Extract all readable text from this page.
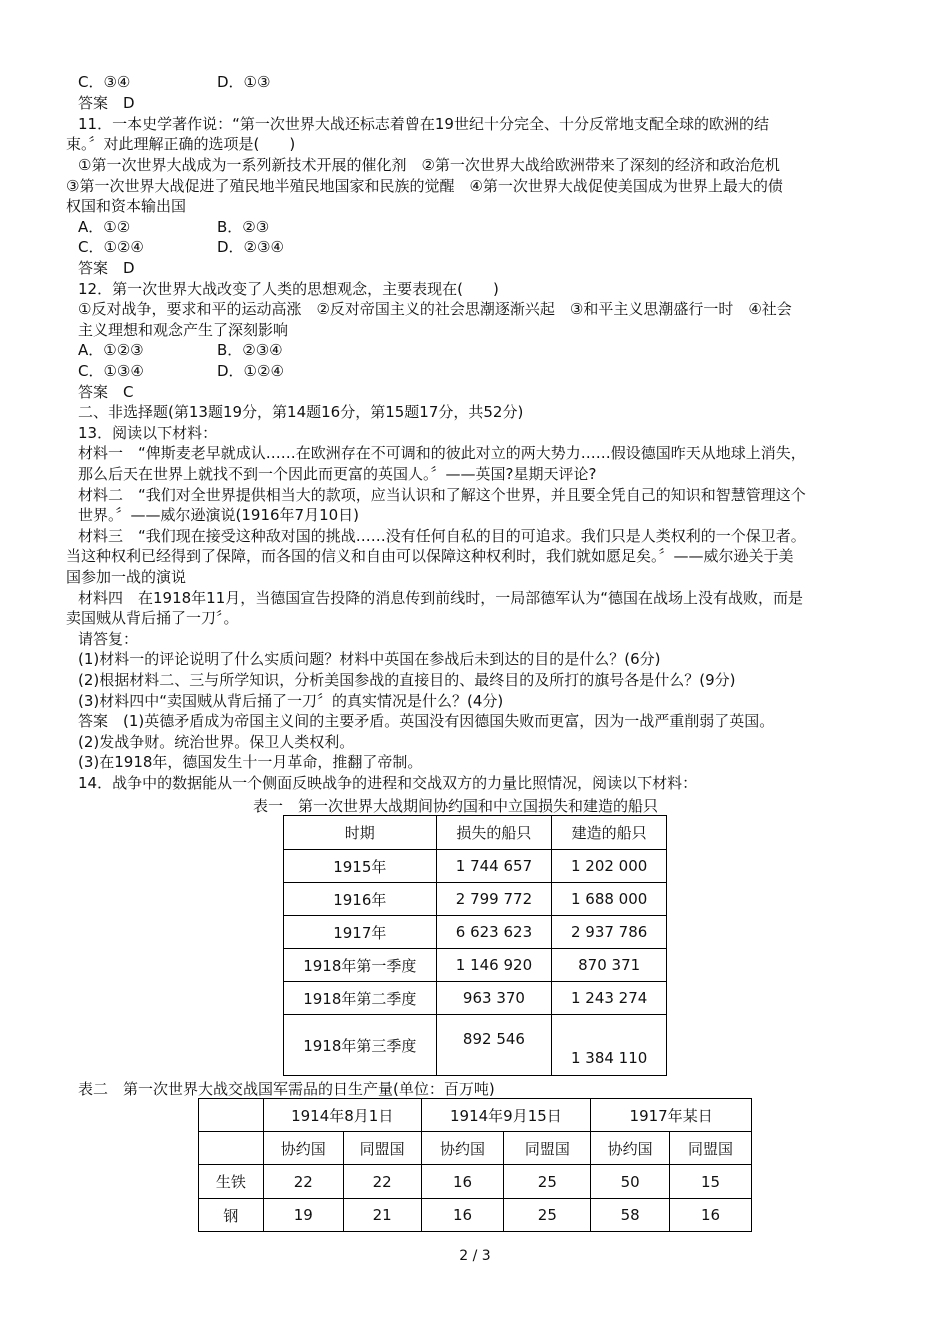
C．③④	D．①③
答案　D
11．一本史学著作说：“第一次世界大战还标志着曾在19世纪十分完全、十分反常地支配全球的欧洲的结
束。〞对此理解正确的选项是(　　)
①第一次世界大战成为一系列新技术开展的催化剂　②第一次世界大战给欧洲带来了深刻的经济和政治危机
③第一次世界大战促进了殖民地半殖民地国家和民族的觉醒　④第一次世界大战促使美国成为世界上最大的债
权国和资本输出国
A．①②	B．②③
C．①②④	D．②③④
答案　D
12．第一次世界大战改变了人类的思想观念，主要表现在(　　)
①反对战争，要求和平的运动高涨　②反对帝国主义的社会思潮逐渐兴起　③和平主义思潮盛行一时　④社会
主义理想和观念产生了深刻影响
A．①②③	B．②③④
C．①③④	D．①②④
答案　C
二、非选择题(第13题19分，第14题16分，第15题17分，共52分)
13．阅读以下材料：
材料一　“俾斯麦老早就成认……在欧洲存在不可调和的彼此对立的两大势力……假设德国昨天从地球上消失，
那么后天在世界上就找不到一个因此而更富的英国人。〞——英国?星期天评论?
材料二　“我们对全世界提供相当大的款项，应当认识和了解这个世界，并且要全凭自己的知识和智慧管理这个
世界。〞——威尔逊演说(1916年7月10日)
材料三　“我们现在接受这种敌对国的挑战……没有任何自私的目的可追求。我们只是人类权利的一个保卫者。
当这种权利已经得到了保障，而各国的信义和自由可以保障这种权利时，我们就如愿足矣。〞——威尔逊关于美
国参加一战的演说
材料四　在1918年11月，当德国宣告投降的消息传到前线时，一局部德军认为“德国在战场上没有战败，而是
卖国贼从背后捅了一刀〞。
请答复：
(1)材料一的评论说明了什么实质问题？材料中英国在参战后未到达的目的是什么？(6分)
(2)根据材料二、三与所学知识，分析美国参战的直接目的、最终目的及所打的旗号各是什么？(9分)
(3)材料四中“卖国贼从背后捅了一刀〞的真实情况是什么？(4分)
答案　(1)英德矛盾成为帝国主义间的主要矛盾。英国没有因德国失败而更富，因为一战严重削弱了英国。
(2)发战争财。统治世界。保卫人类权利。
(3)在1918年，德国发生十一月革命，推翻了帝制。
14．战争中的数据能从一个侧面反映战争的进程和交战双方的力量比照情况，阅读以下材料：
表一　第一次世界大战期间协约国和中立国损失和建造的船只
时期	损失的船只	建造的船只
1915年	1 744 657	1 202 000
1916年	2 799 772	1 688 000
1917年	6 623 623	2 937 786
1918年第一季度	1 146 920	870 371
1918年第二季度	963 370	1 243 274
1918年第三季度	892 546	1 384 110
表二　第一次世界大战交战国军需品的日生产量(单位：百万吨)
	1914年8月1日		1914年9月15日		1917年某日	
	协约国	同盟国	协约国	同盟国	协约国	同盟国
生铁	22	22	16	25	50	15
钢	19	21	16	25	58	16
2 / 3
